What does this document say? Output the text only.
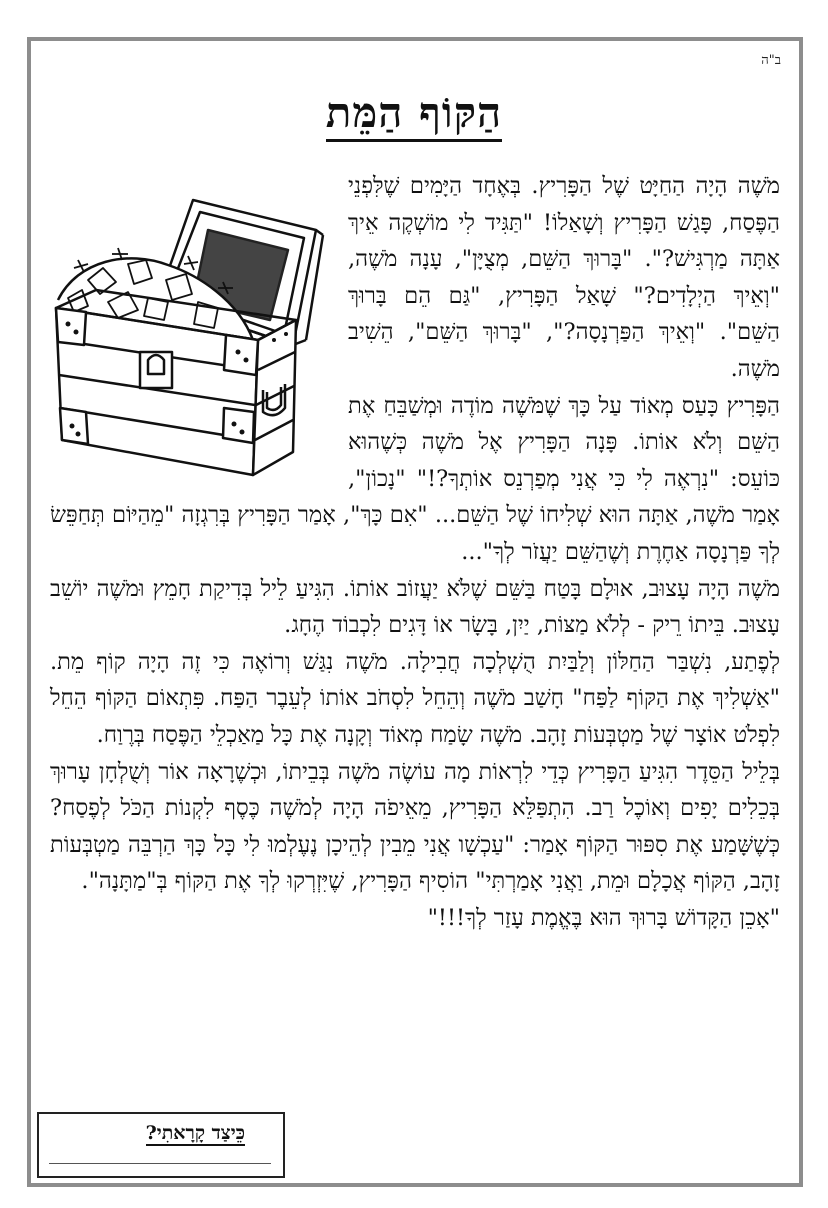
ב"ה
הַקּוֹף הַמֵּת

מֹשֶׁה הָיָה הַחַיָּט שֶׁל הַפָּרִיץ. בְּאֶחָד הַיָּמִים שֶׁלִּפְנֵי הַפֶּסַח, פָּגַשׁ הַפָּרִיץ וְשָׁאַלוֹ! "תַּגִּיד לִי מוֹשְׁקֶה אֵיךְ אַתָּה מַרְגִּישׁ?". "בָּרוּךְ הַשֵּׁם, מְצֻיָּן", עָנָה מֹשֶׁה, "וְאֵיךְ הַיְלָדִים?" שָׁאַל הַפָּרִיץ, "גַּם הֵם בָּרוּךְ הַשֵּׁם". "וְאֵיךְ הַפַּרְנָסָה?", "בָּרוּךְ הַשֵּׁם", הֵשִׁיב מֹשֶׁה.

הַפָּרִיץ כָּעַס מְאוֹד עַל כָּךְ שֶׁמֹּשֶׁה מוֹדֶה וּמְשַׁבֵּחַ אֶת הַשֵּׁם וְלֹא אוֹתוֹ. פָּנָה הַפָּרִיץ אֶל מֹשֶׁה כְּשֶׁהוּא כּוֹעֵס: "נִרְאֶה לִי כִּי אֲנִי מְפַרְנֵס אוֹתְךָ?!" "נָכוֹן", אָמַר מֹשֶׁה, אַתָּה הוּא שְׁלִיחוֹ שֶׁל הַשֵּׁם... "אִם כָּךְ", אָמַר הַפָּרִיץ בְּרִגְזָה "מֵהַיּוֹם תְּחַפֵּשׂ לְךָ פַּרְנָסָה אַחֶרֶת וְשֶׁהַשֵּׁם יַעֲזֹר לְךָ"...

מֹשֶׁה הָיָה עָצוּב, אוּלָם בָּטַח בַּשֵּׁם שֶׁלֹּא יַעֲזוֹב אוֹתוֹ. הִגִּיעַ לֵיל בְּדִיקַת חָמֵץ וּמֹשֶׁה יוֹשֵׁב עָצוּב. בֵּיתוֹ רֵיק - לְלֹא מַצּוֹת, יַיִן, בָּשָׂר אוֹ דָּגִים לִכְבוֹד הֶחָג.

לְפֶתַע, נִשְׁבַּר הַחַלּוֹן וְלַבַּיִת הֻשְׁלְכָה חֲבִילָה. מֹשֶׁה נִגַּשׁ וְרוֹאֶה כִּי זֶה הָיָה קוֹף מֵת. "אַשְׁלִיךְ אֶת הַקּוֹף לַפַּח" חָשַׁב מֹשֶׁה וְהֵחֵל לִסְחֹב אוֹתוֹ לְעֵבֶר הַפַּח. פִּתְאוֹם הַקּוֹף הֵחֵל לִפְלֹט אוֹצָר שֶׁל מַטְבְּעוֹת זָהָב. מֹשֶׁה שָׂמַח מְאוֹד וְקָנָה אֶת כָּל מַאַכְלֵי הַפֶּסַח בְּרֶוַח.

בְּלֵיל הַסֵּדֶר הִגִּיעַ הַפָּרִיץ כְּדֵי לִרְאוֹת מָה עוֹשֶׂה מֹשֶׁה בְּבֵיתוֹ, וּכְשֶׁרָאָה אוֹר וְשֻׁלְחָן עָרוּךְ בְּכֵלִים יָפִים וְאוֹכֶל רַב. הִתְפַּלֵּא הַפָּרִיץ, מֵאֵיפֹה הָיָה לְמֹשֶׁה כֶּסֶף לִקְנוֹת הַכֹּל לְפֶסַח? כְּשֶׁשָּׁמַע אֶת סִפּוּר הַקּוֹף אָמַר: "עַכְשָׁו אֲנִי מֵבִין לְהֵיכָן נֶעֶלְמוּ לִי כָּל כָּךְ הַרְבֵּה מַטְבְּעוֹת זָהָב, הַקּוֹף אֲכָלָם וּמֵת, וַאֲנִי אָמַרְתִּי" הוֹסִיף הַפָּרִיץ, שֶׁיִּזְרְקוּ לְךָ אֶת הַקּוֹף בְּ"מַתָּנָה".

"אָכֵן הַקָּדוֹשׁ בָּרוּךְ הוּא בֶּאֱמֶת עָזַר לְךָ!!!"

כֵּיצַד קָרָאתִי?
